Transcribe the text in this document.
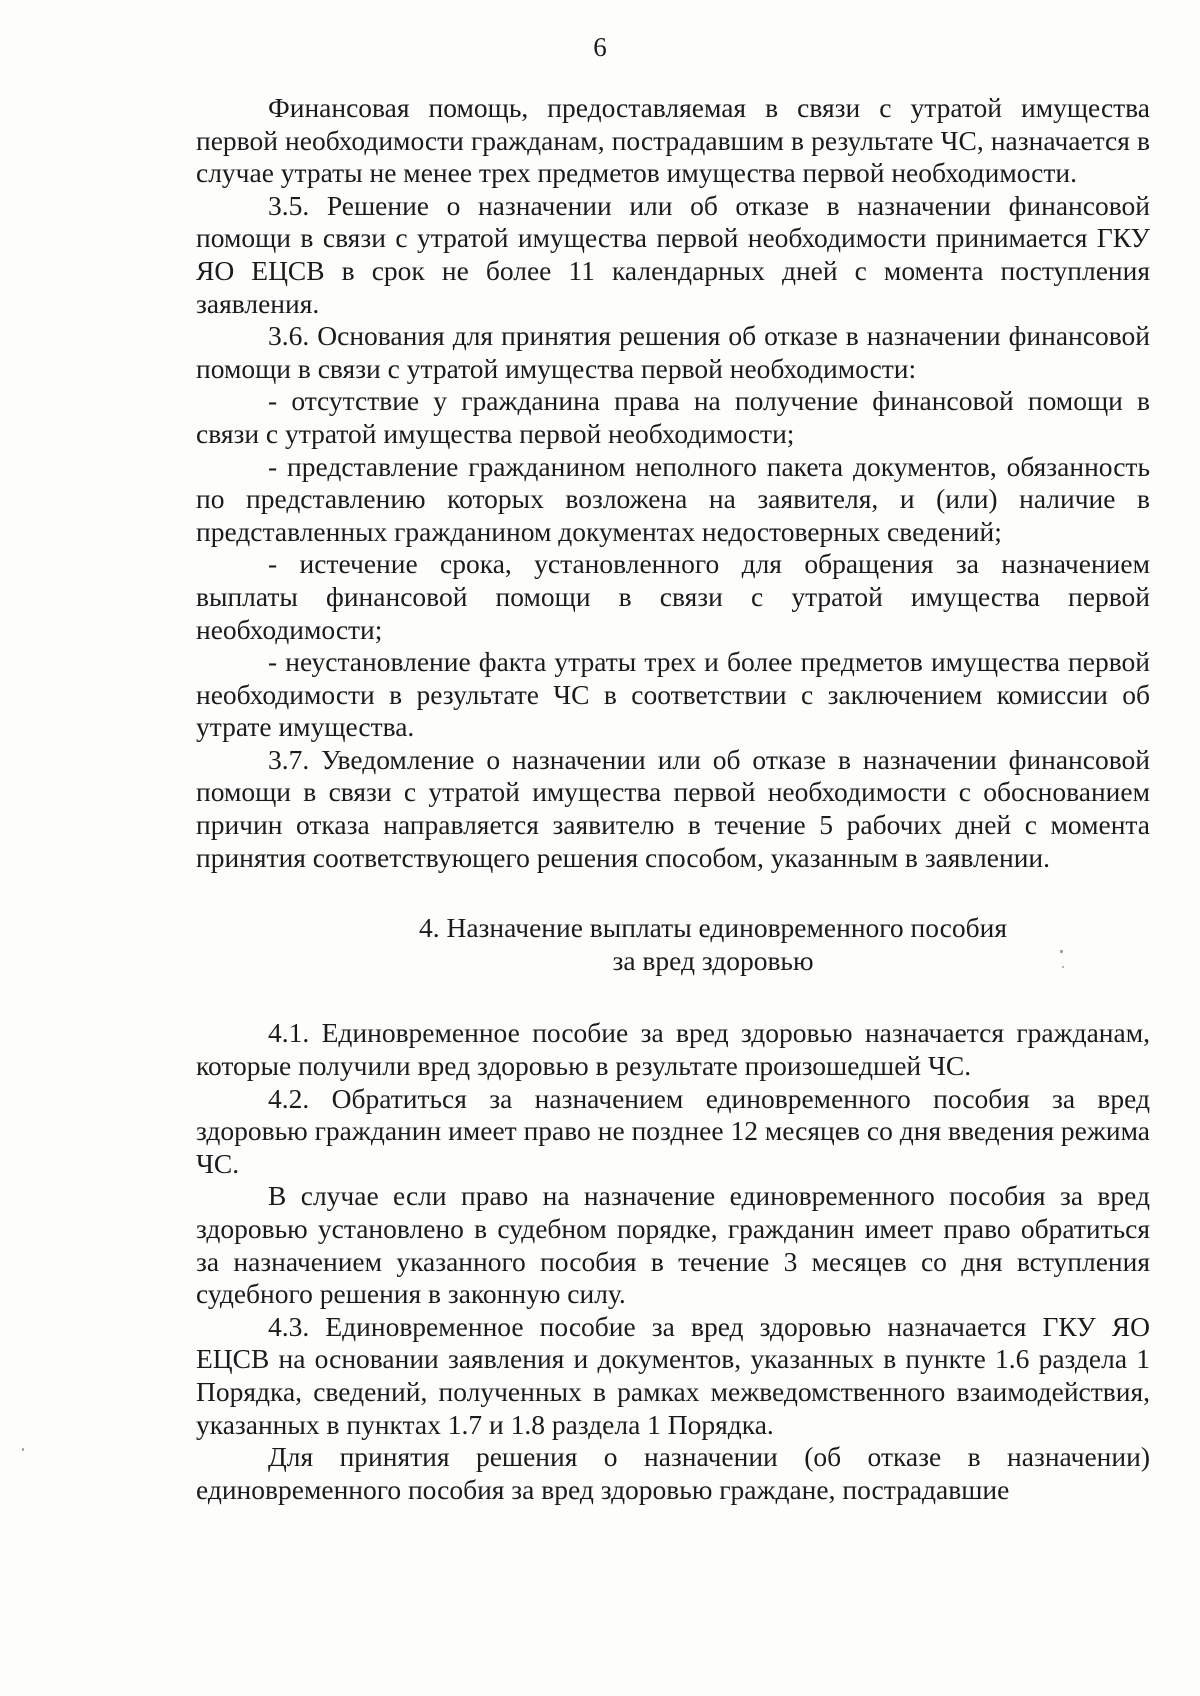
6

Финансовая помощь, предоставляемая в связи с утратой имущества первой необходимости гражданам, пострадавшим в результате ЧС, назначается в случае утраты не менее трех предметов имущества первой необходимости.

3.5. Решение о назначении или об отказе в назначении финансовой помощи в связи с утратой имущества первой необходимости принимается ГКУ ЯО ЕЦСВ в срок не более 11 календарных дней с момента поступления заявления.

3.6. Основания для принятия решения об отказе в назначении финансовой помощи в связи с утратой имущества первой необходимости:

- отсутствие у гражданина права на получение финансовой помощи в связи с утратой имущества первой необходимости;

- представление гражданином неполного пакета документов, обязанность по представлению которых возложена на заявителя, и (или) наличие в представленных гражданином документах недостоверных сведений;

- истечение срока, установленного для обращения за назначением выплаты финансовой помощи в связи с утратой имущества первой необходимости;

- неустановление факта утраты трех и более предметов имущества первой необходимости в результате ЧС в соответствии с заключением комиссии об утрате имущества.

3.7. Уведомление о назначении или об отказе в назначении финансовой помощи в связи с утратой имущества первой необходимости с обоснованием причин отказа направляется заявителю в течение 5 рабочих дней с момента принятия соответствующего решения способом, указанным в заявлении.

4. Назначение выплаты единовременного пособия

за вред здоровью

4.1. Единовременное пособие за вред здоровью назначается гражданам, которые получили вред здоровью в результате произошедшей ЧС.

4.2. Обратиться за назначением единовременного пособия за вред здоровью гражданин имеет право не позднее 12 месяцев со дня введения режима ЧС.

В случае если право на назначение единовременного пособия за вред здоровью установлено в судебном порядке, гражданин имеет право обратиться за назначением указанного пособия в течение 3 месяцев со дня вступления судебного решения в законную силу.

4.3. Единовременное пособие за вред здоровью назначается ГКУ ЯО ЕЦСВ на основании заявления и документов, указанных в пункте 1.6 раздела 1 Порядка, сведений, полученных в рамках межведомственного взаимодействия, указанных в пунктах 1.7 и 1.8 раздела 1 Порядка.

Для принятия решения о назначении (об отказе в назначении) единовременного пособия за вред здоровью граждане, пострадавшие
